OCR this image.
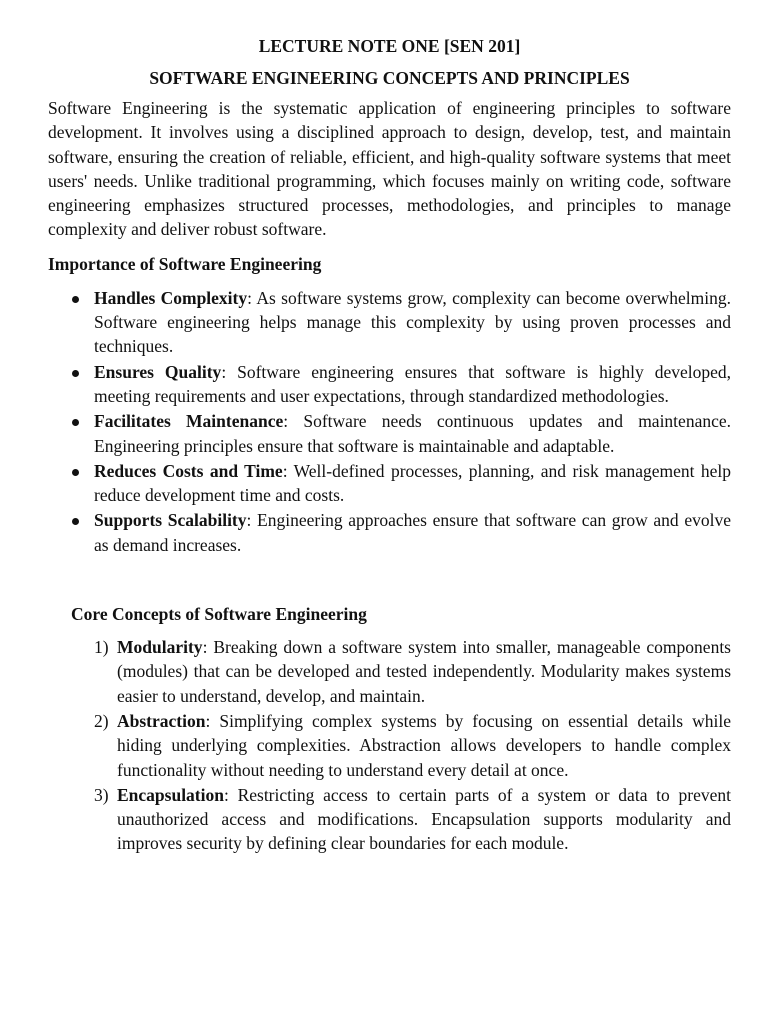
LECTURE NOTE ONE [SEN 201]
SOFTWARE ENGINEERING CONCEPTS AND PRINCIPLES

Software Engineering is the systematic application of engineering principles to software development. It involves using a disciplined approach to design, develop, test, and maintain software, ensuring the creation of reliable, efficient, and high-quality software systems that meet users' needs. Unlike traditional programming, which focuses mainly on writing code, software engineering emphasizes structured processes, methodologies, and principles to manage complexity and deliver robust software.

Importance of Software Engineering
Handles Complexity: As software systems grow, complexity can become overwhelming. Software engineering helps manage this complexity by using proven processes and techniques.
Ensures Quality: Software engineering ensures that software is highly developed, meeting requirements and user expectations, through standardized methodologies.
Facilitates Maintenance: Software needs continuous updates and maintenance. Engineering principles ensure that software is maintainable and adaptable.
Reduces Costs and Time: Well-defined processes, planning, and risk management help reduce development time and costs.
Supports Scalability: Engineering approaches ensure that software can grow and evolve as demand increases.
Core Concepts of Software Engineering
1) Modularity: Breaking down a software system into smaller, manageable components (modules) that can be developed and tested independently. Modularity makes systems easier to understand, develop, and maintain.
2) Abstraction: Simplifying complex systems by focusing on essential details while hiding underlying complexities. Abstraction allows developers to handle complex functionality without needing to understand every detail at once.
3) Encapsulation: Restricting access to certain parts of a system or data to prevent unauthorized access and modifications. Encapsulation supports modularity and improves security by defining clear boundaries for each module.
